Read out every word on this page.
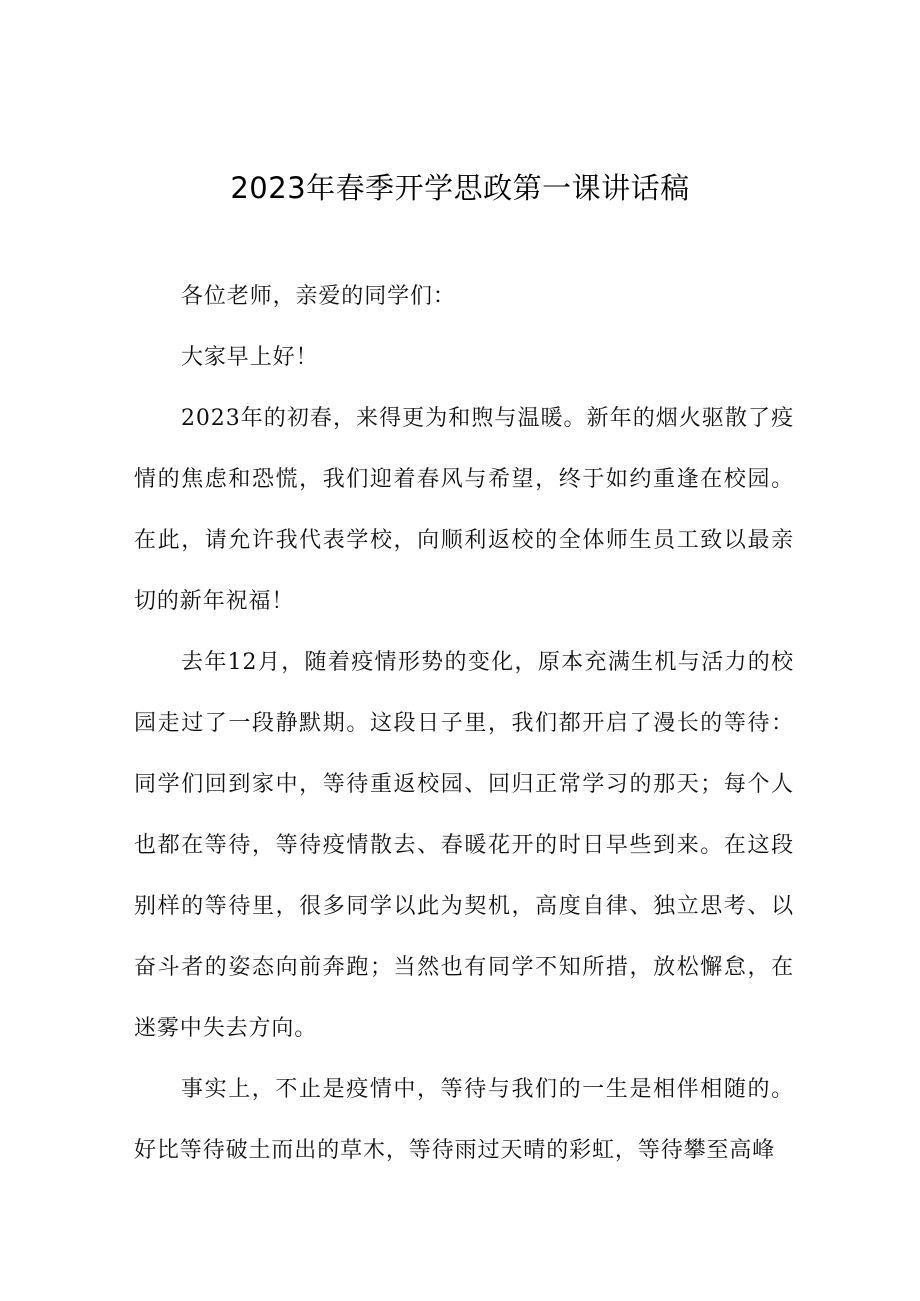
2023年春季开学思政第一课讲话稿

各位老师，亲爱的同学们：

大家早上好！

2023年的初春，来得更为和煦与温暖。新年的烟火驱散了疫情的焦虑和恐慌，我们迎着春风与希望，终于如约重逢在校园。在此，请允许我代表学校，向顺利返校的全体师生员工致以最亲切的新年祝福！

去年12月，随着疫情形势的变化，原本充满生机与活力的校园走过了一段静默期。这段日子里，我们都开启了漫长的等待：同学们回到家中，等待重返校园、回归正常学习的那天；每个人也都在等待，等待疫情散去、春暖花开的时日早些到来。在这段别样的等待里，很多同学以此为契机，高度自律、独立思考、以奋斗者的姿态向前奔跑；当然也有同学不知所措，放松懈怠，在迷雾中失去方向。

事实上，不止是疫情中，等待与我们的一生是相伴相随的。好比等待破土而出的草木，等待雨过天晴的彩虹，等待攀至高峰
